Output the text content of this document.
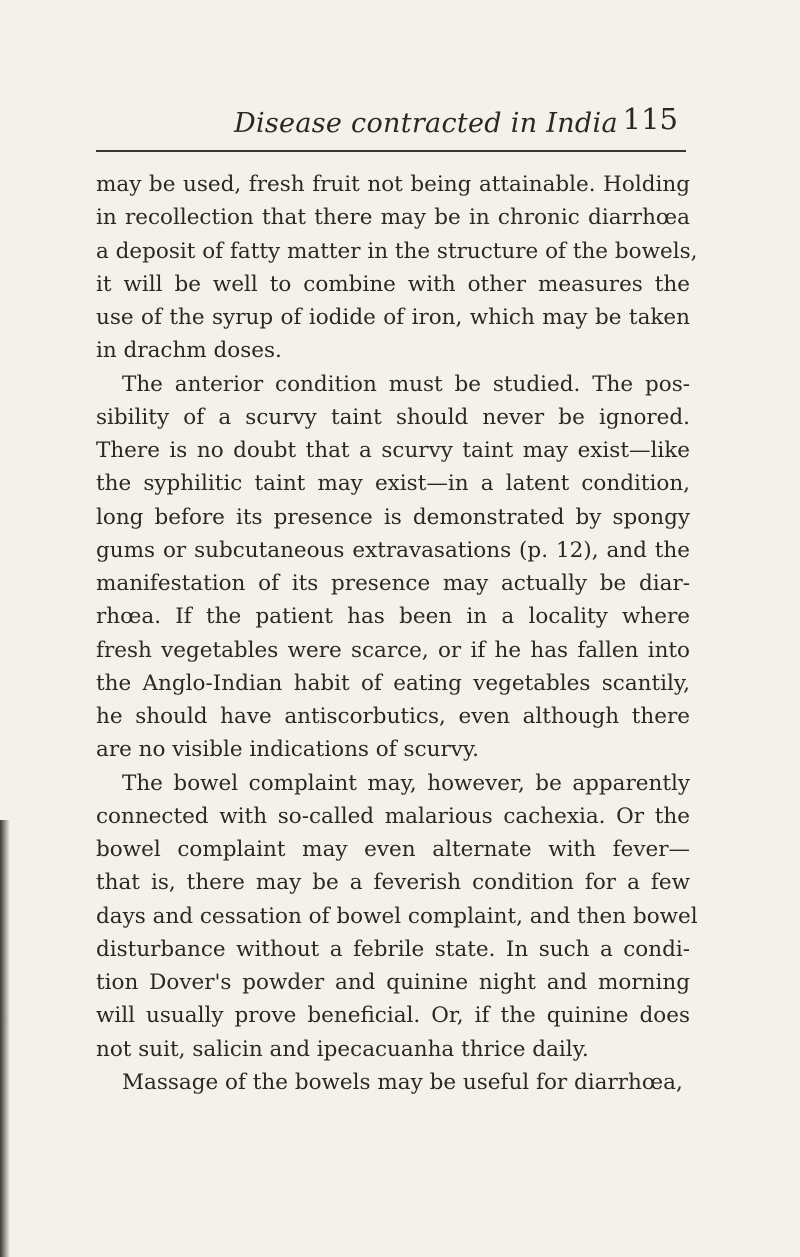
Disease contracted in India 115
may be used, fresh fruit not being attainable. Holding
in recollection that there may be in chronic diarrhœa
a deposit of fatty matter in the structure of the bowels,
it will be well to combine with other measures the
use of the syrup of iodide of iron, which may be taken
in drachm doses.
The anterior condition must be studied. The pos-
sibility of a scurvy taint should never be ignored.
There is no doubt that a scurvy taint may exist—like
the syphilitic taint may exist—in a latent condition,
long before its presence is demonstrated by spongy
gums or subcutaneous extravasations (p. 12), and the
manifestation of its presence may actually be diar-
rhœa. If the patient has been in a locality where
fresh vegetables were scarce, or if he has fallen into
the Anglo-Indian habit of eating vegetables scantily,
he should have antiscorbutics, even although there
are no visible indications of scurvy.
The bowel complaint may, however, be apparently
connected with so-called malarious cachexia. Or the
bowel complaint may even alternate with fever—
that is, there may be a feverish condition for a few
days and cessation of bowel complaint, and then bowel
disturbance without a febrile state. In such a condi-
tion Dover's powder and quinine night and morning
will usually prove beneficial. Or, if the quinine does
not suit, salicin and ipecacuanha thrice daily.
Massage of the bowels may be useful for diarrhœa,
